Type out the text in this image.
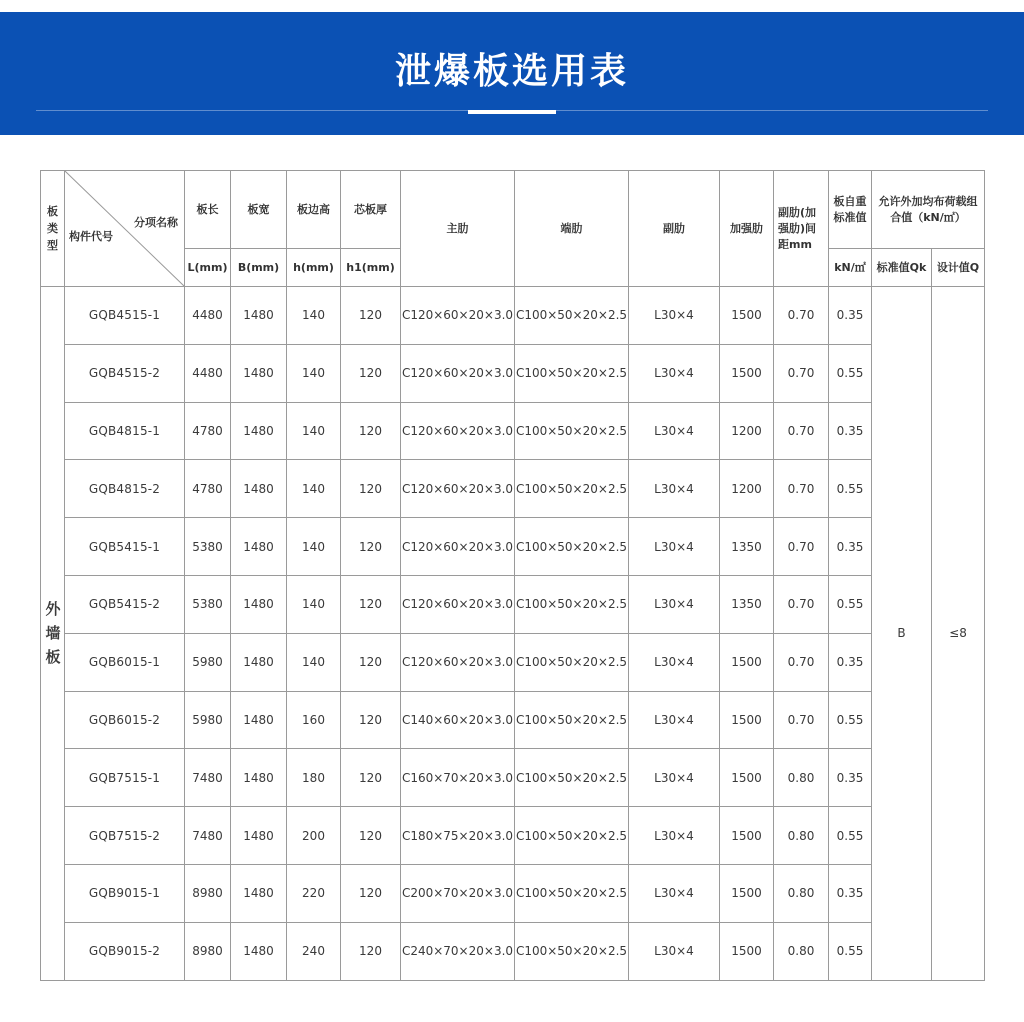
泄爆板选用表
板类型	分项名称
构件代号	板长	板宽	板边高	芯板厚	主肋	端肋	副肋	加强肋	副肋(加强肋)间距mm	板自重标准值	允许外加均布荷载组合值（kN/㎡）	

		L(mm)	B(mm)	h(mm)	h1(mm)						kN/㎡	标准值Qk	设计值Q

外墙板	GQB4515-1	4480	1480	140	120	C120×60×20×3.0	C100×50×20×2.5	L30×4	1500	0.70	0.35	B	≤8
	GQB4515-2	4480	1480	140	120	C120×60×20×3.0	C100×50×20×2.5	L30×4	1500	0.70	0.55		
	GQB4815-1	4780	1480	140	120	C120×60×20×3.0	C100×50×20×2.5	L30×4	1200	0.70	0.35		
	GQB4815-2	4780	1480	140	120	C120×60×20×3.0	C100×50×20×2.5	L30×4	1200	0.70	0.55		
	GQB5415-1	5380	1480	140	120	C120×60×20×3.0	C100×50×20×2.5	L30×4	1350	0.70	0.35		
	GQB5415-2	5380	1480	140	120	C120×60×20×3.0	C100×50×20×2.5	L30×4	1350	0.70	0.55		
	GQB6015-1	5980	1480	140	120	C120×60×20×3.0	C100×50×20×2.5	L30×4	1500	0.70	0.35		
	GQB6015-2	5980	1480	160	120	C140×60×20×3.0	C100×50×20×2.5	L30×4	1500	0.70	0.55		
	GQB7515-1	7480	1480	180	120	C160×70×20×3.0	C100×50×20×2.5	L30×4	1500	0.80	0.35		
	GQB7515-2	7480	1480	200	120	C180×75×20×3.0	C100×50×20×2.5	L30×4	1500	0.80	0.55		
	GQB9015-1	8980	1480	220	120	C200×70×20×3.0	C100×50×20×2.5	L30×4	1500	0.80	0.35		
	GQB9015-2	8980	1480	240	120	C240×70×20×3.0	C100×50×20×2.5	L30×4	1500	0.80	0.55		
